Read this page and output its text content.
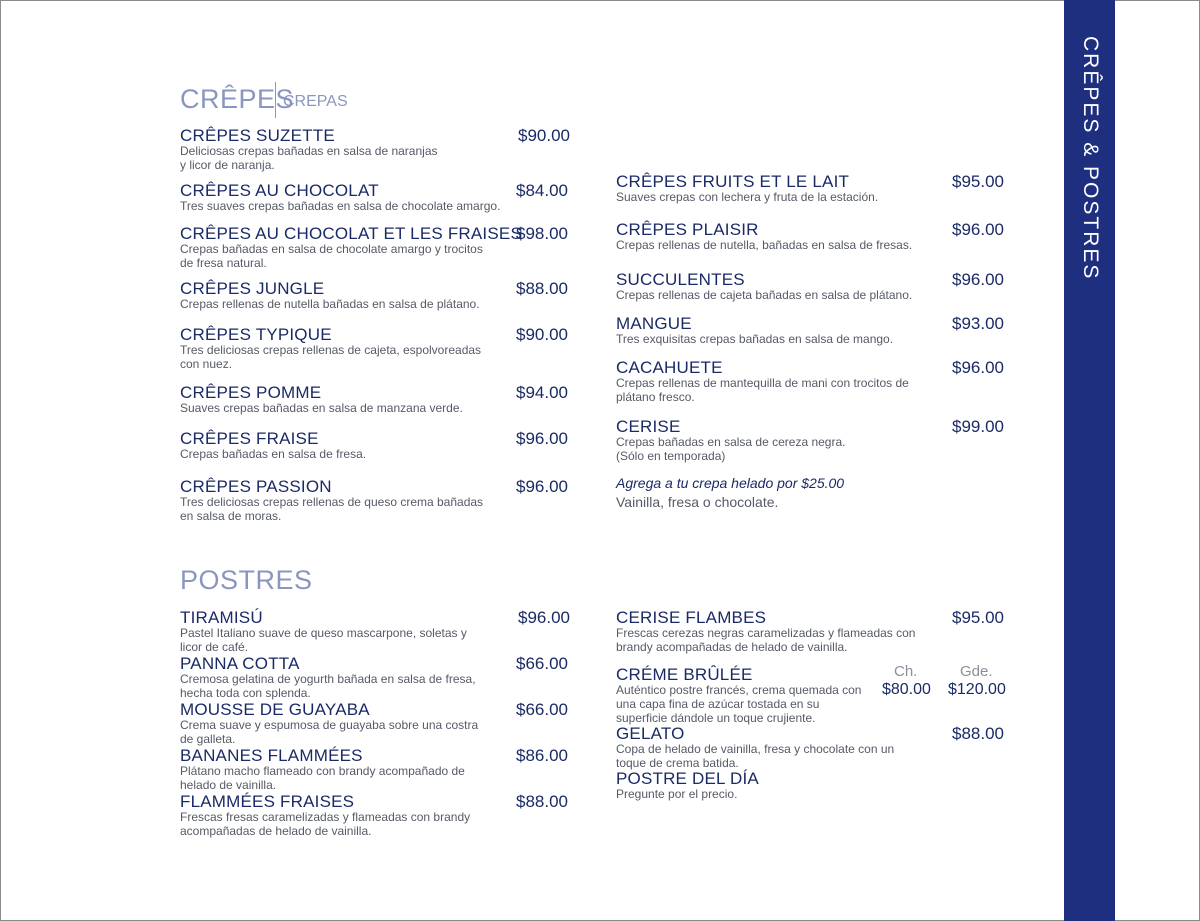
CRÊPES & POSTRES
CRÊPES
CREPAS
CRÊPES SUZETTE
Deliciosas crepas bañadas en salsa de naranjas y licor de naranja.
$90.00
CRÊPES AU CHOCOLAT
Tres suaves crepas bañadas en salsa de chocolate amargo.
$84.00
CRÊPES AU CHOCOLAT ET LES FRAISES
Crepas bañadas en salsa de chocolate amargo y trocitos de fresa natural.
$98.00
CRÊPES JUNGLE
Crepas rellenas de nutella bañadas en salsa de plátano.
$88.00
CRÊPES TYPIQUE
Tres deliciosas crepas rellenas de cajeta, espolvoreadas con nuez.
$90.00
CRÊPES POMME
Suaves crepas bañadas en salsa de manzana verde.
$94.00
CRÊPES FRAISE
Crepas bañadas en salsa de fresa.
$96.00
CRÊPES PASSION
Tres deliciosas crepas rellenas de queso crema bañadas en salsa de moras.
$96.00
CRÊPES FRUITS ET LE LAIT
Suaves crepas con lechera y fruta de la estación.
$95.00
CRÊPES PLAISIR
Crepas rellenas de nutella, bañadas en salsa de fresas.
$96.00
SUCCULENTES
Crepas rellenas de cajeta bañadas en salsa de plátano.
$96.00
MANGUE
Tres exquisitas crepas bañadas en salsa de mango.
$93.00
CACAHUETE
Crepas rellenas de mantequilla de mani con trocitos de plátano fresco.
$96.00
CERISE
Crepas bañadas en salsa de cereza negra. (Sólo en temporada)
$99.00
Agrega a tu crepa helado por $25.00
Vainilla, fresa o chocolate.
POSTRES
TIRAMISÚ
Pastel Italiano suave de queso mascarpone, soletas y licor de café.
$96.00
PANNA COTTA
Cremosa gelatina de yogurth bañada en salsa de fresa, hecha toda con splenda.
$66.00
MOUSSE DE GUAYABA
Crema suave y espumosa de guayaba sobre una costra de galleta.
$66.00
BANANES FLAMMÉES
Plátano macho flameado con brandy acompañado de helado de vainilla.
$86.00
FLAMMÉES FRAISES
Frescas fresas caramelizadas y flameadas con brandy acompañadas de helado de vainilla.
$88.00
CERISE FLAMBES
Frescas cerezas negras caramelizadas y flameadas con brandy acompañadas de helado de vainilla.
$95.00
CRÉME BRÛLÉE
Auténtico postre francés, crema quemada con una capa fina de azúcar tostada en su superficie dándole un toque crujiente.
Ch.	Gde.
$80.00 $120.00
GELATO
Copa de helado de vainilla, fresa y chocolate con un toque de crema batida.
$88.00
POSTRE DEL DÍA
Pregunte por el precio.
